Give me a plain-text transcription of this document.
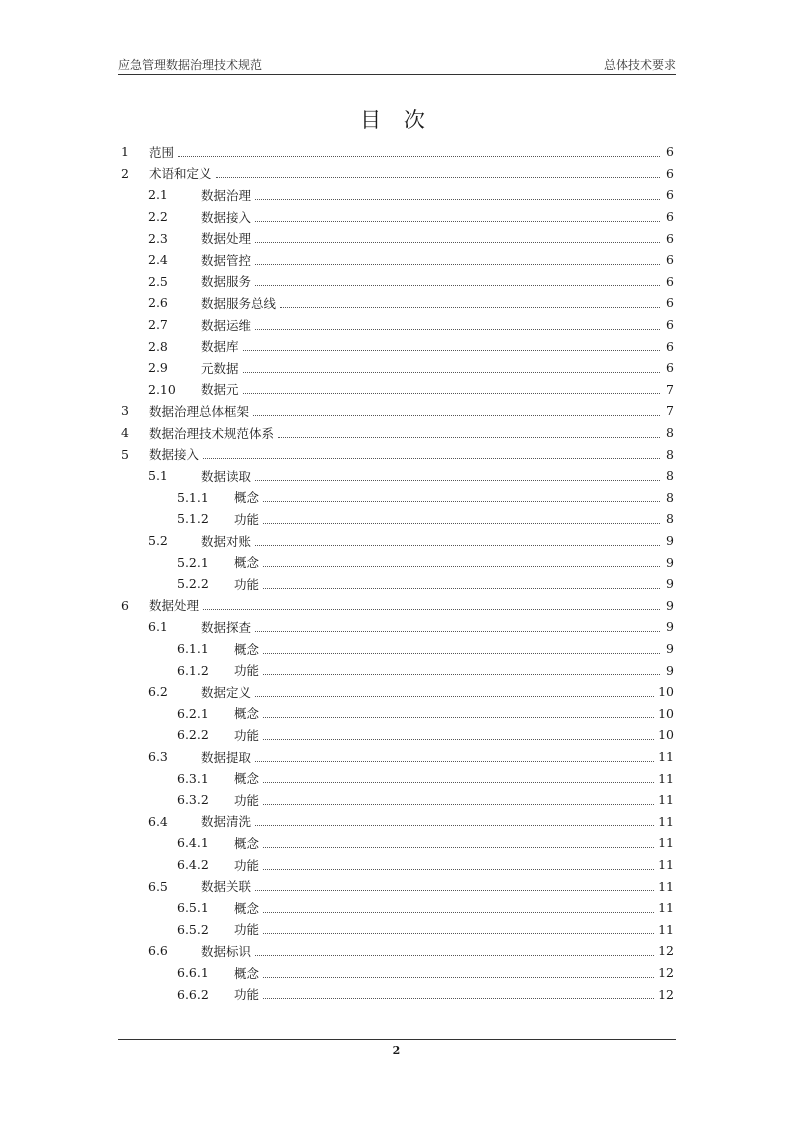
应急管理数据治理技术规范	总体技术要求
目 次
1	范围	6
2	术语和定义	6
2.1	数据治理	6
2.2	数据接入	6
2.3	数据处理	6
2.4	数据管控	6
2.5	数据服务	6
2.6	数据服务总线	6
2.7	数据运维	6
2.8	数据库	6
2.9	元数据	6
2.10	数据元	7
3	数据治理总体框架	7
4	数据治理技术规范体系	8
5	数据接入	8
5.1	数据读取	8
5.1.1	概念	8
5.1.2	功能	8
5.2	数据对账	9
5.2.1	概念	9
5.2.2	功能	9
6	数据处理	9
6.1	数据探查	9
6.1.1	概念	9
6.1.2	功能	9
6.2	数据定义	10
6.2.1	概念	10
6.2.2	功能	10
6.3	数据提取	11
6.3.1	概念	11
6.3.2	功能	11
6.4	数据清洗	11
6.4.1	概念	11
6.4.2	功能	11
6.5	数据关联	11
6.5.1	概念	11
6.5.2	功能	11
6.6	数据标识	12
6.6.1	概念	12
6.6.2	功能	12
2
